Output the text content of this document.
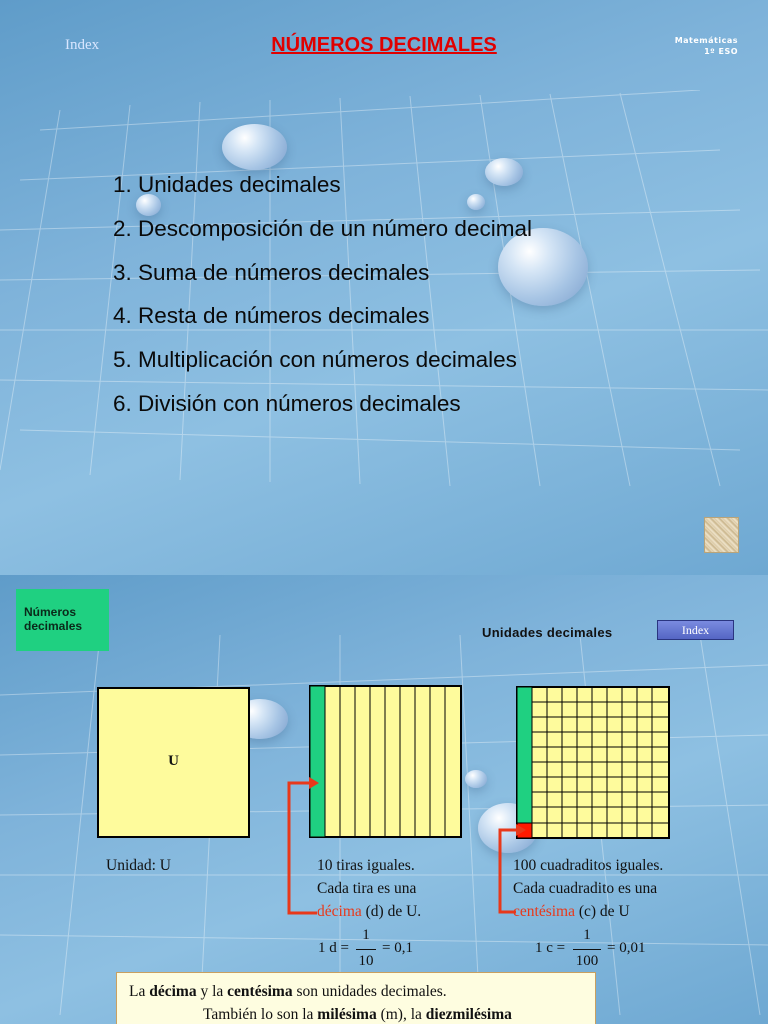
Index	NÚMEROS DECIMALES	Matemáticas
1º ESO
1. Unidades decimales
2. Descomposición de un número decimal
3. Suma de números decimales
4. Resta de números decimales
5. Multiplicación con números decimales
6. División con números decimales
Números
decimales	Unidades decimales	Index
U
Unidad: U	10 tiras iguales.
Cada tira es una
décima (d) de U.
100 cuadraditos iguales.
Cada cuadradito es una
centésima (c) de U
1 d =
1
10
= 0,1	1 c =
1
100
= 0,01
La décima y la centésima son unidades decimales.
También lo son la milésima (m), la diezmilésima
